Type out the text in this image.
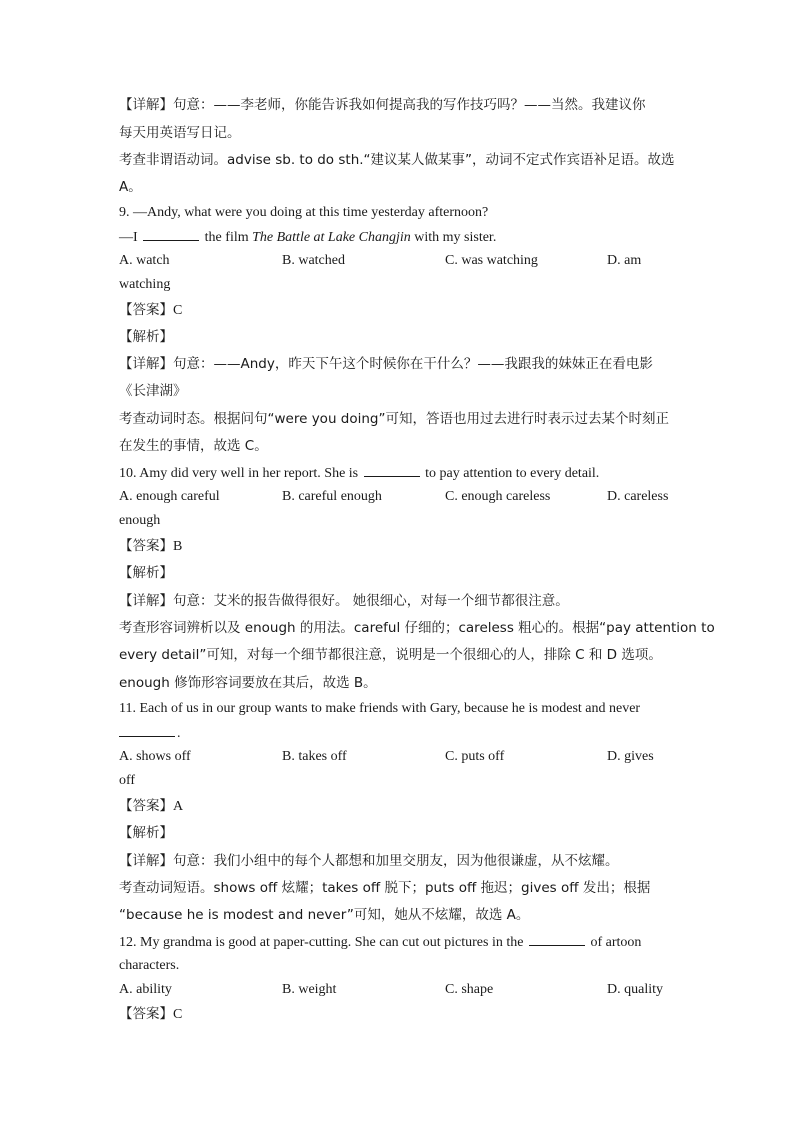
【详解】句意：——李老师，你能告诉我如何提高我的写作技巧吗？——当然。我建议你
每天用英语写日记。
考查非谓语动词。advise sb. to do sth.“建议某人做某事”，动词不定式作宾语补足语。故选
A。
9. —Andy, what were you doing at this time yesterday afternoon?
—I	the film The Battle at Lake Changjin with my sister.
A. watch	B. watched	C. was watching	D. am
watching
【答案】C
【解析】
【详解】句意：——Andy，昨天下午这个时候你在干什么？——我跟我的妹妹正在看电影
《长津湖》
考查动词时态。根据问句“were you doing”可知，答语也用过去进行时表示过去某个时刻正
在发生的事情，故选 C。
10. Amy did very well in her report. She is	to pay attention to every detail.
A. enough careful	B. careful enough	C. enough careless	D. careless
enough
【答案】B
【解析】
【详解】句意：艾米的报告做得很好。 她很细心，对每一个细节都很注意。
考查形容词辨析以及 enough 的用法。careful 仔细的；careless 粗心的。根据“pay attention to
every detail”可知，对每一个细节都很注意，说明是一个很细心的人，排除 C 和 D 选项。
enough 修饰形容词要放在其后，故选 B。
11. Each of us in our group wants to make friends with Gary, because he is modest and never
.
A. shows off	B. takes off	C. puts off	D. gives
off
【答案】A
【解析】
【详解】句意：我们小组中的每个人都想和加里交朋友，因为他很谦虚，从不炫耀。
考查动词短语。shows off 炫耀；takes off 脱下；puts off 拖迟；gives off 发出；根据
“because he is modest and never”可知，她从不炫耀，故选 A。
12. My grandma is good at paper-cutting. She can cut out pictures in the	of artoon
characters.
A. ability	B. weight	C. shape	D. quality
【答案】C
